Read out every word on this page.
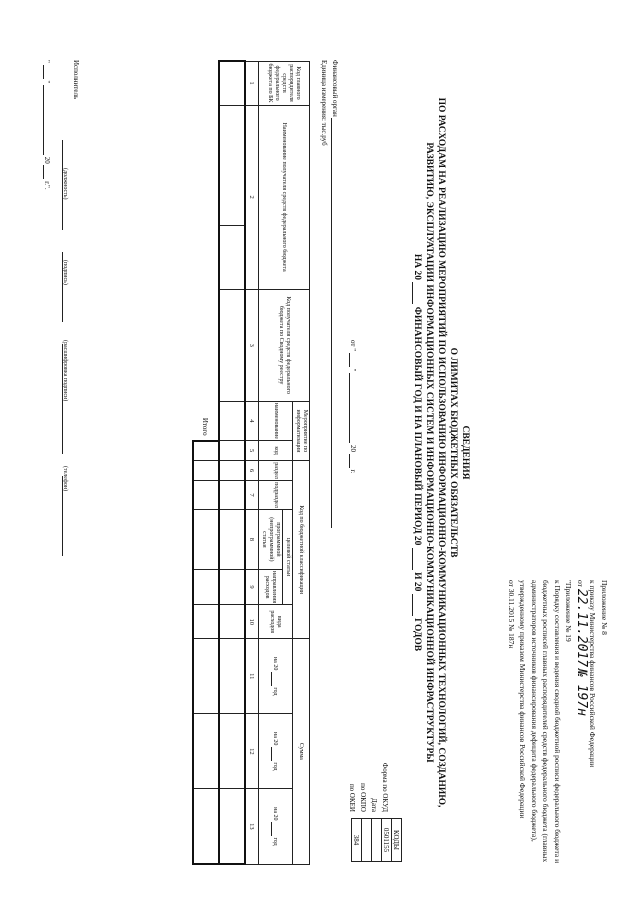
Приложение № 8
к приказу Министерства финансов Российской Федерации
от 22.11.2017 № 197н
"Приложение № 19
к Порядку составления и ведения сводной бюджетной росписи федерального бюджета и
бюджетных росписей главных распорядителей средств федерального бюджета (главных
администраторов источников финансирования дефицита федерального бюджета),
утвержденному приказом Министерства финансов Российской Федерации
от 30.11.2015 № 187н
СВЕДЕНИЯ
О ЛИМИТАХ БЮДЖЕТНЫХ ОБЯЗАТЕЛЬСТВ
ПО РАСХОДАМ НА РЕАЛИЗАЦИЮ МЕРОПРИЯТИЙ ПО ИСПОЛЬЗОВАНИЮ ИНФОРМАЦИОННО-КОММУНИКАЦИОННЫХ ТЕХНОЛОГИЙ, СОЗДАНИЮ,
РАЗВИТИЮ, ЭКСПЛУАТАЦИИ ИНФОРМАЦИОННЫХ СИСТЕМ И ИНФОРМАЦИОННО-КОММУНИКАЦИОННОЙ ИНФРАСТРУКТУРЫ
НА 20  ФИНАНСОВЫЙ ГОД И НА ПЛАНОВЫЙ ПЕРИОД 20  И 20  ГОДОВ
от "  "  20  г.
Форма по ОКУД
Дата
по ОКПО
по ОКЕИ
КОДЫ
0501155

384
Финансовый орган
Единица измерения: тыс.руб
Код главного распорядителя средств федерального бюджета по БК	Наименование получателя средств федерального бюджета		Код получателя средств федерального бюджета по Сводному реестру	Мероприятие по информатизации		Код по бюджетной классификации					Сумма		
				наименование	код	раздел	подраздел	целевой статьи		вида расходов	на 20  год	на 20  год	на 20  год
								программной (непрограммной) статьи	направления расходов				

1	2		3	4	5	6	7	8	9	10	11	12	13

Итого													
Исполнитель

(должность)
(подпись)
(расшифровка подписи)
(телефон)
"  "  20  г.".
